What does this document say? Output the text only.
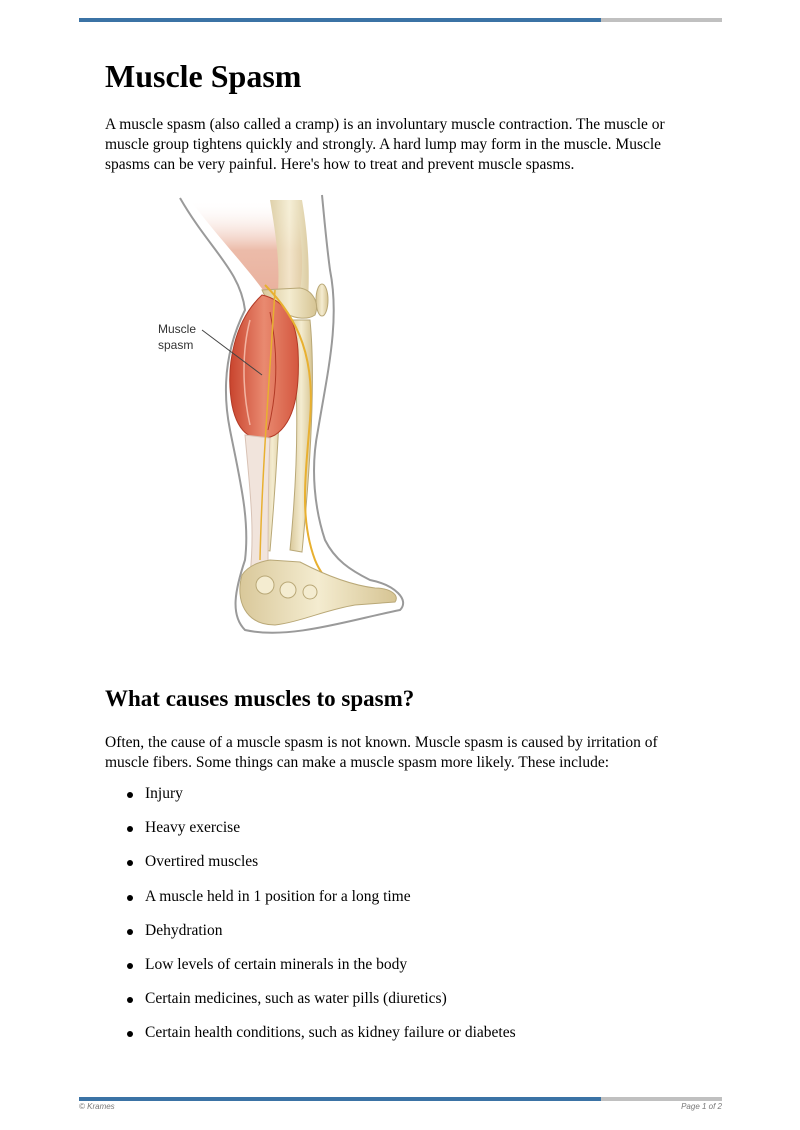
Muscle Spasm

A muscle spasm (also called a cramp) is an involuntary muscle contraction. The muscle or muscle group tightens quickly and strongly. A hard lump may form in the muscle. Muscle spasms can be very painful. Here's how to treat and prevent muscle spasms.

Muscle
spasm
What causes muscles to spasm?

Often, the cause of a muscle spasm is not known. Muscle spasm is caused by irritation of muscle fibers. Some things can make a muscle spasm more likely. These include:

Injury
Heavy exercise
Overtired muscles
A muscle held in 1 position for a long time
Dehydration
Low levels of certain minerals in the body
Certain medicines, such as water pills (diuretics)
Certain health conditions, such as kidney failure or diabetes
© Krames	Page 1 of 2
